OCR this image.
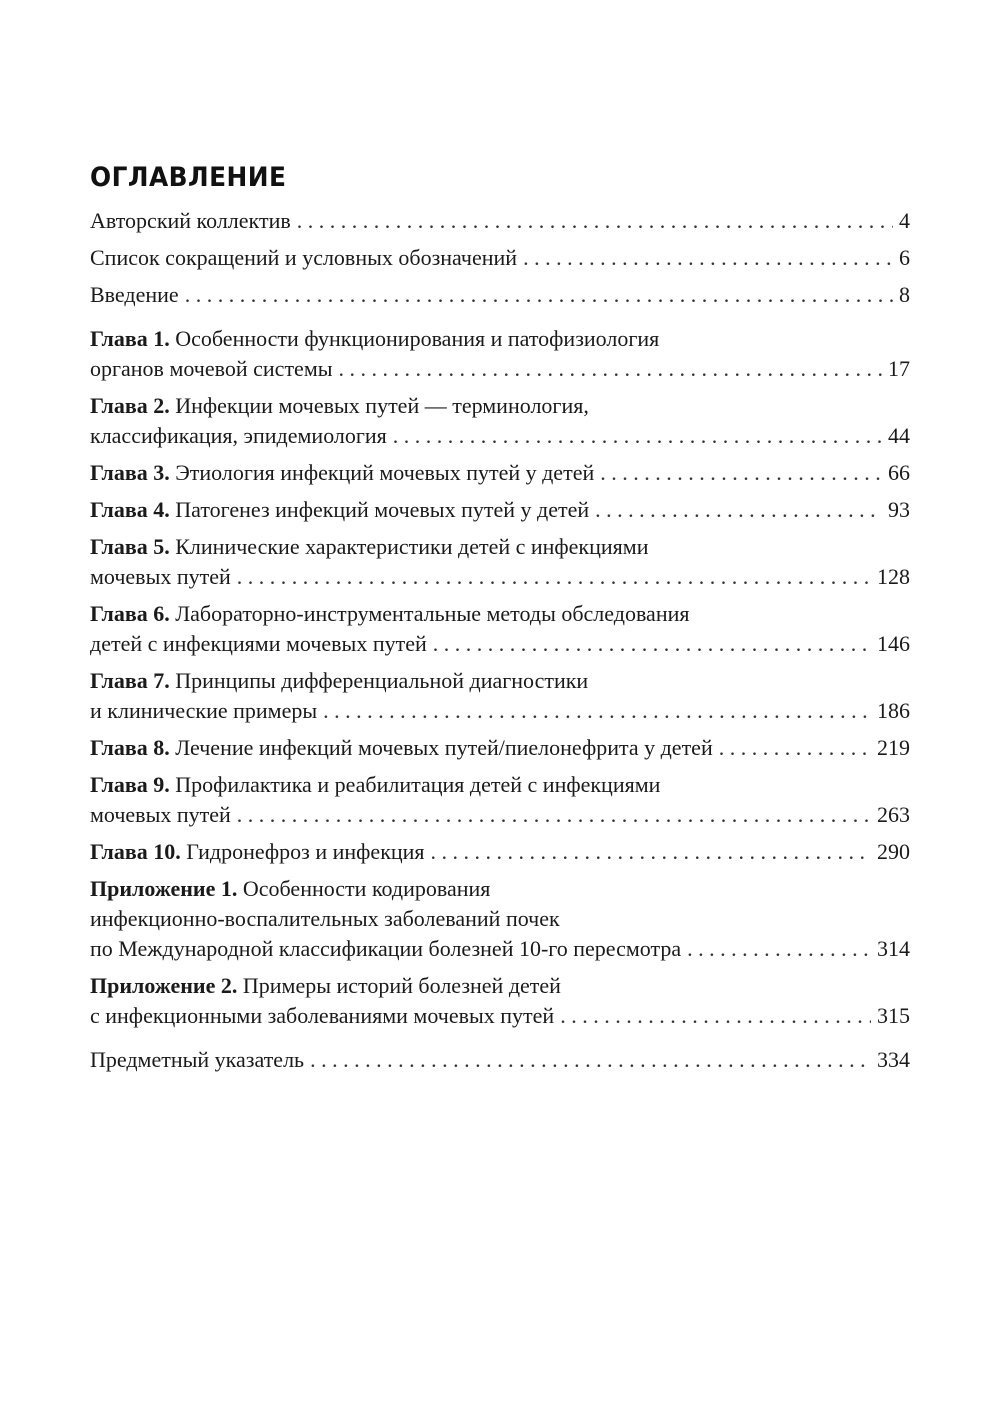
ОГЛАВЛЕНИЕ
Авторский коллектив . . .	4
Список сокращений и условных обозначений . . .	6
Введение . . .	8
Глава 1. Особенности функционирования и патофизиология
органов мочевой системы . . .	17
Глава 2. Инфекции мочевых путей — терминология,
классификация, эпидемиология . . .	44
Глава 3. Этиология инфекций мочевых путей у детей . . .	66
Глава 4. Патогенез инфекций мочевых путей у детей . . .	93
Глава 5. Клинические характеристики детей с инфекциями
мочевых путей . . .	128
Глава 6. Лабораторно-инструментальные методы обследования
детей с инфекциями мочевых путей . . .	146
Глава 7. Принципы дифференциальной диагностики
и клинические примеры . . .	186
Глава 8. Лечение инфекций мочевых путей/пиелонефрита у детей . . .	219
Глава 9. Профилактика и реабилитация детей с инфекциями
мочевых путей . . .	263
Глава 10. Гидронефроз и инфекция . . .	290
Приложение 1. Особенности кодирования
инфекционно-воспалительных заболеваний почек
по Международной классификации болезней 10-го пересмотра . . .	314
Приложение 2. Примеры историй болезней детей
с инфекционными заболеваниями мочевых путей . . .	315
Предметный указатель . . .	334
